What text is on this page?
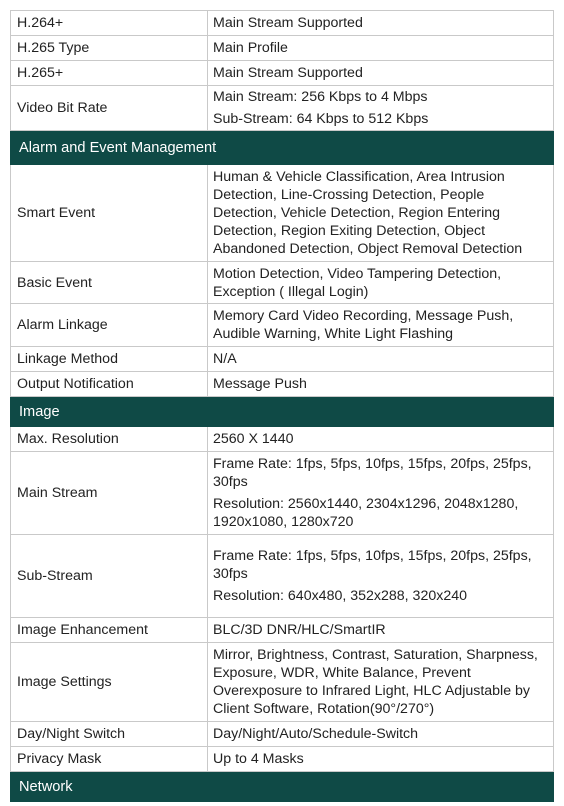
H.264+	Main Stream Supported

H.265 Type	Main Profile

H.265+	Main Stream Supported

Video Bit Rate	Main Stream: 256 Kbps to 4 Mbps
Sub-Stream: 64 Kbps to 512 Kbps

Alarm and Event Management	
Smart Event	Human & Vehicle Classification, Area Intrusion Detection, Line-Crossing Detection, People Detection, Vehicle Detection, Region Entering Detection, Region Exiting Detection, Object Abandoned Detection, Object Removal Detection

Basic Event	Motion Detection, Video Tampering Detection, Exception ( Illegal Login)

Alarm Linkage	Memory Card Video Recording, Message Push, Audible Warning, White Light Flashing

Linkage Method	N/A

Output Notification	Message Push

Image	
Max. Resolution	2560 X 1440

Main Stream	Frame Rate: 1fps, 5fps, 10fps, 15fps, 20fps, 25fps, 30fps
Resolution: 2560x1440, 2304x1296, 2048x1280, 1920x1080, 1280x720

Sub-Stream	Frame Rate: 1fps, 5fps, 10fps, 15fps, 20fps, 25fps, 30fps
Resolution: 640x480, 352x288, 320x240

Image Enhancement	BLC/3D DNR/HLC/SmartIR

Image Settings	Mirror, Brightness, Contrast, Saturation, Sharpness, Exposure, WDR, White Balance, Prevent Overexposure to Infrared Light, HLC Adjustable by Client Software, Rotation(90°/270°)

Day/Night Switch	Day/Night/Auto/Schedule-Switch

Privacy Mask	Up to 4 Masks

Network	
